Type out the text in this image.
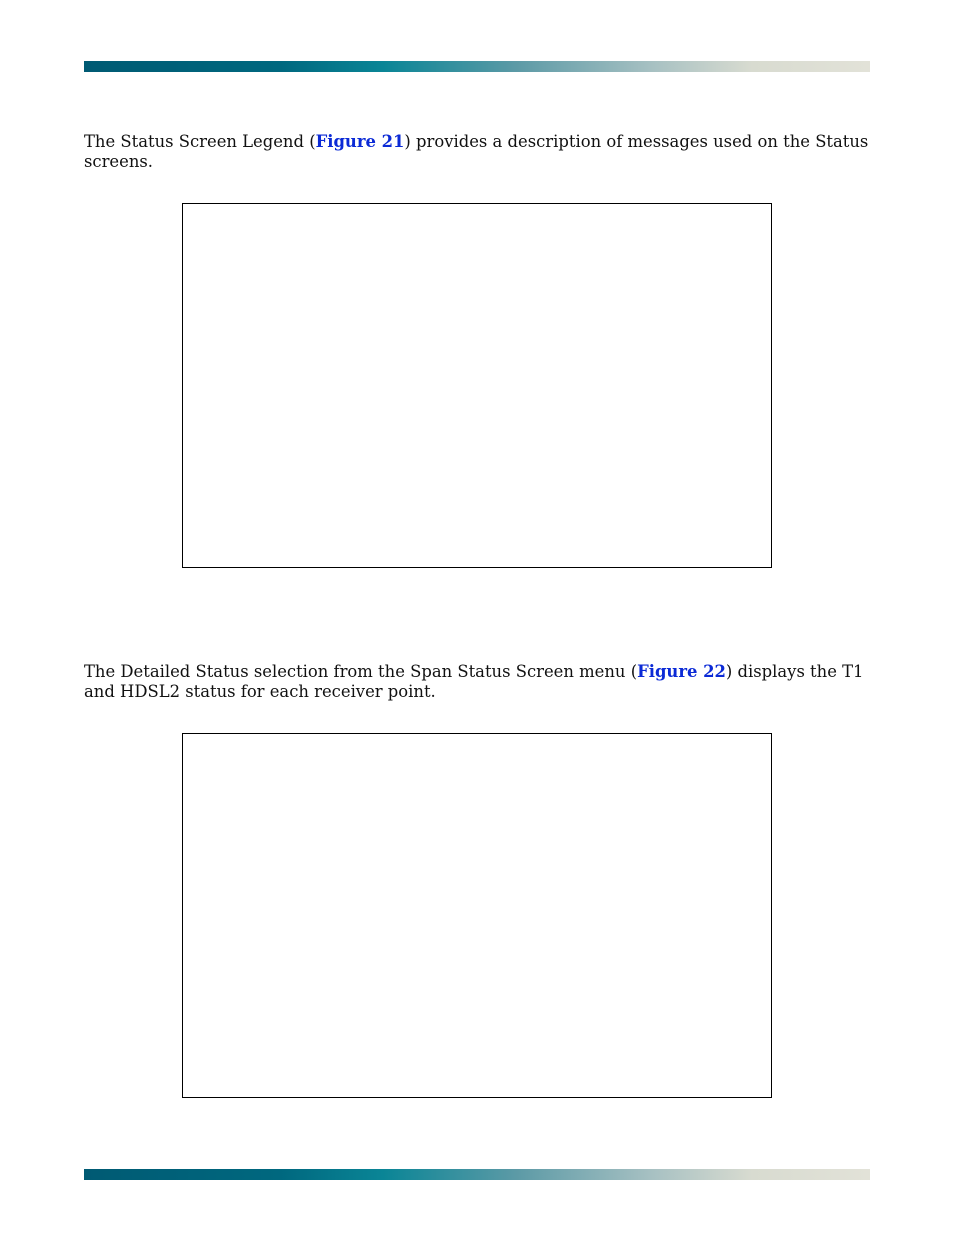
The Status Screen Legend (Figure 21) provides a description of messages used on the Status screens.

The Detailed Status selection from the Span Status Screen menu (Figure 22) displays the T1 and HDSL2 status for each receiver point.
